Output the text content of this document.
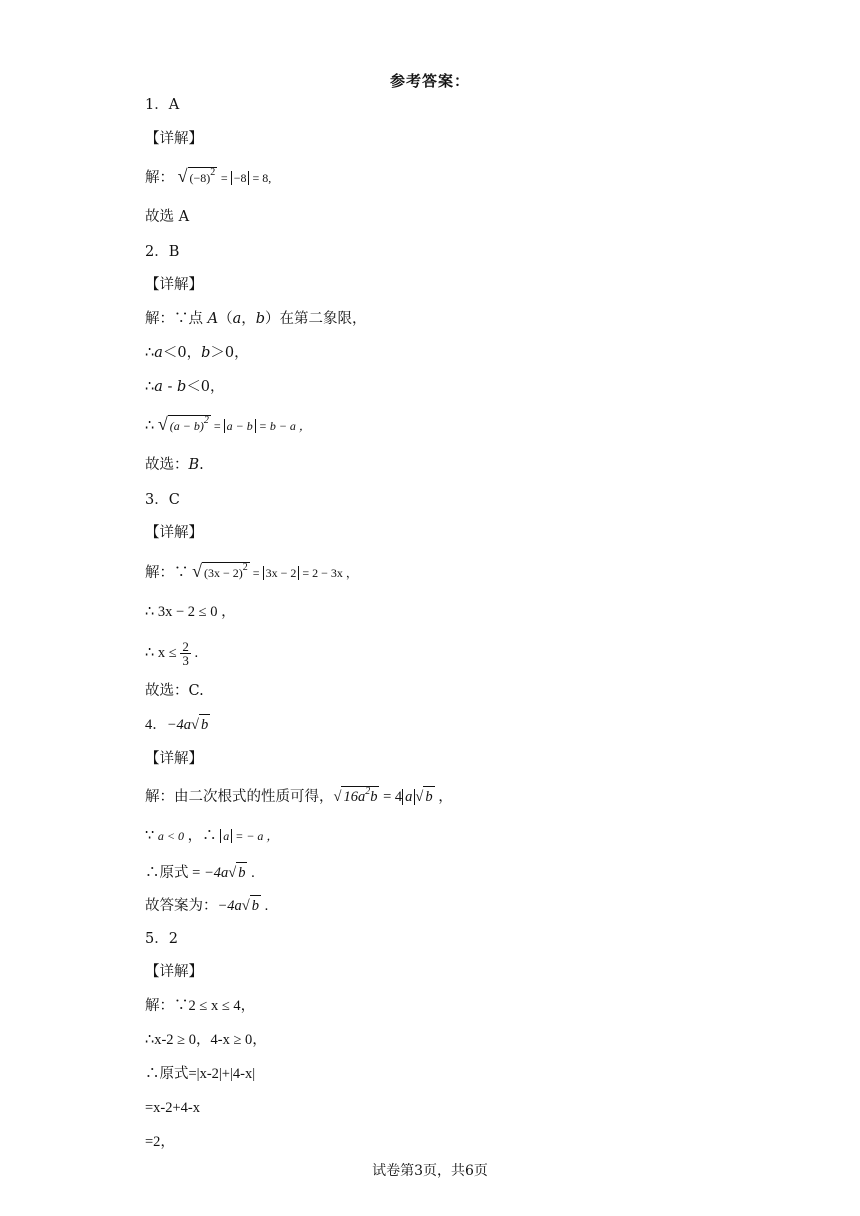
参考答案：
1．A
【详解】
解： √ $(-8)^2 = -8 = 8$,
故选 A
2．B
【详解】
解：∵点 A（a，b）在第二象限，
∴a＜0，b＞0，
∴a - b＜0，
∴ √ $(a - b)^2 = a - b = b - a$ ，
故选：B.
3．C
【详解】
解：∵ √ $(3x - 2)^2 = 3x - 2 = 2 - 3x$ ，
∴ 3x − 2 ≤ 0 ，
∴ $x \le \frac{2}{3}$ .
故选：C.
4．−4a√ b
【详解】
解：由二次根式的性质可得，√ $16a^2b = 4$ a √ b ，
∵ a < 0 ，∴ a = − a ，
∴原式 = −4a√ b .
故答案为：−4a√ b .
5．2
【详解】
解：∵2 ≤ x ≤ 4，
∴x-2 ≥ 0，4-x ≥ 0，
∴原式=|x-2|+|4-x|
=x-2+4-x
=2，
试卷第3页，共6页
